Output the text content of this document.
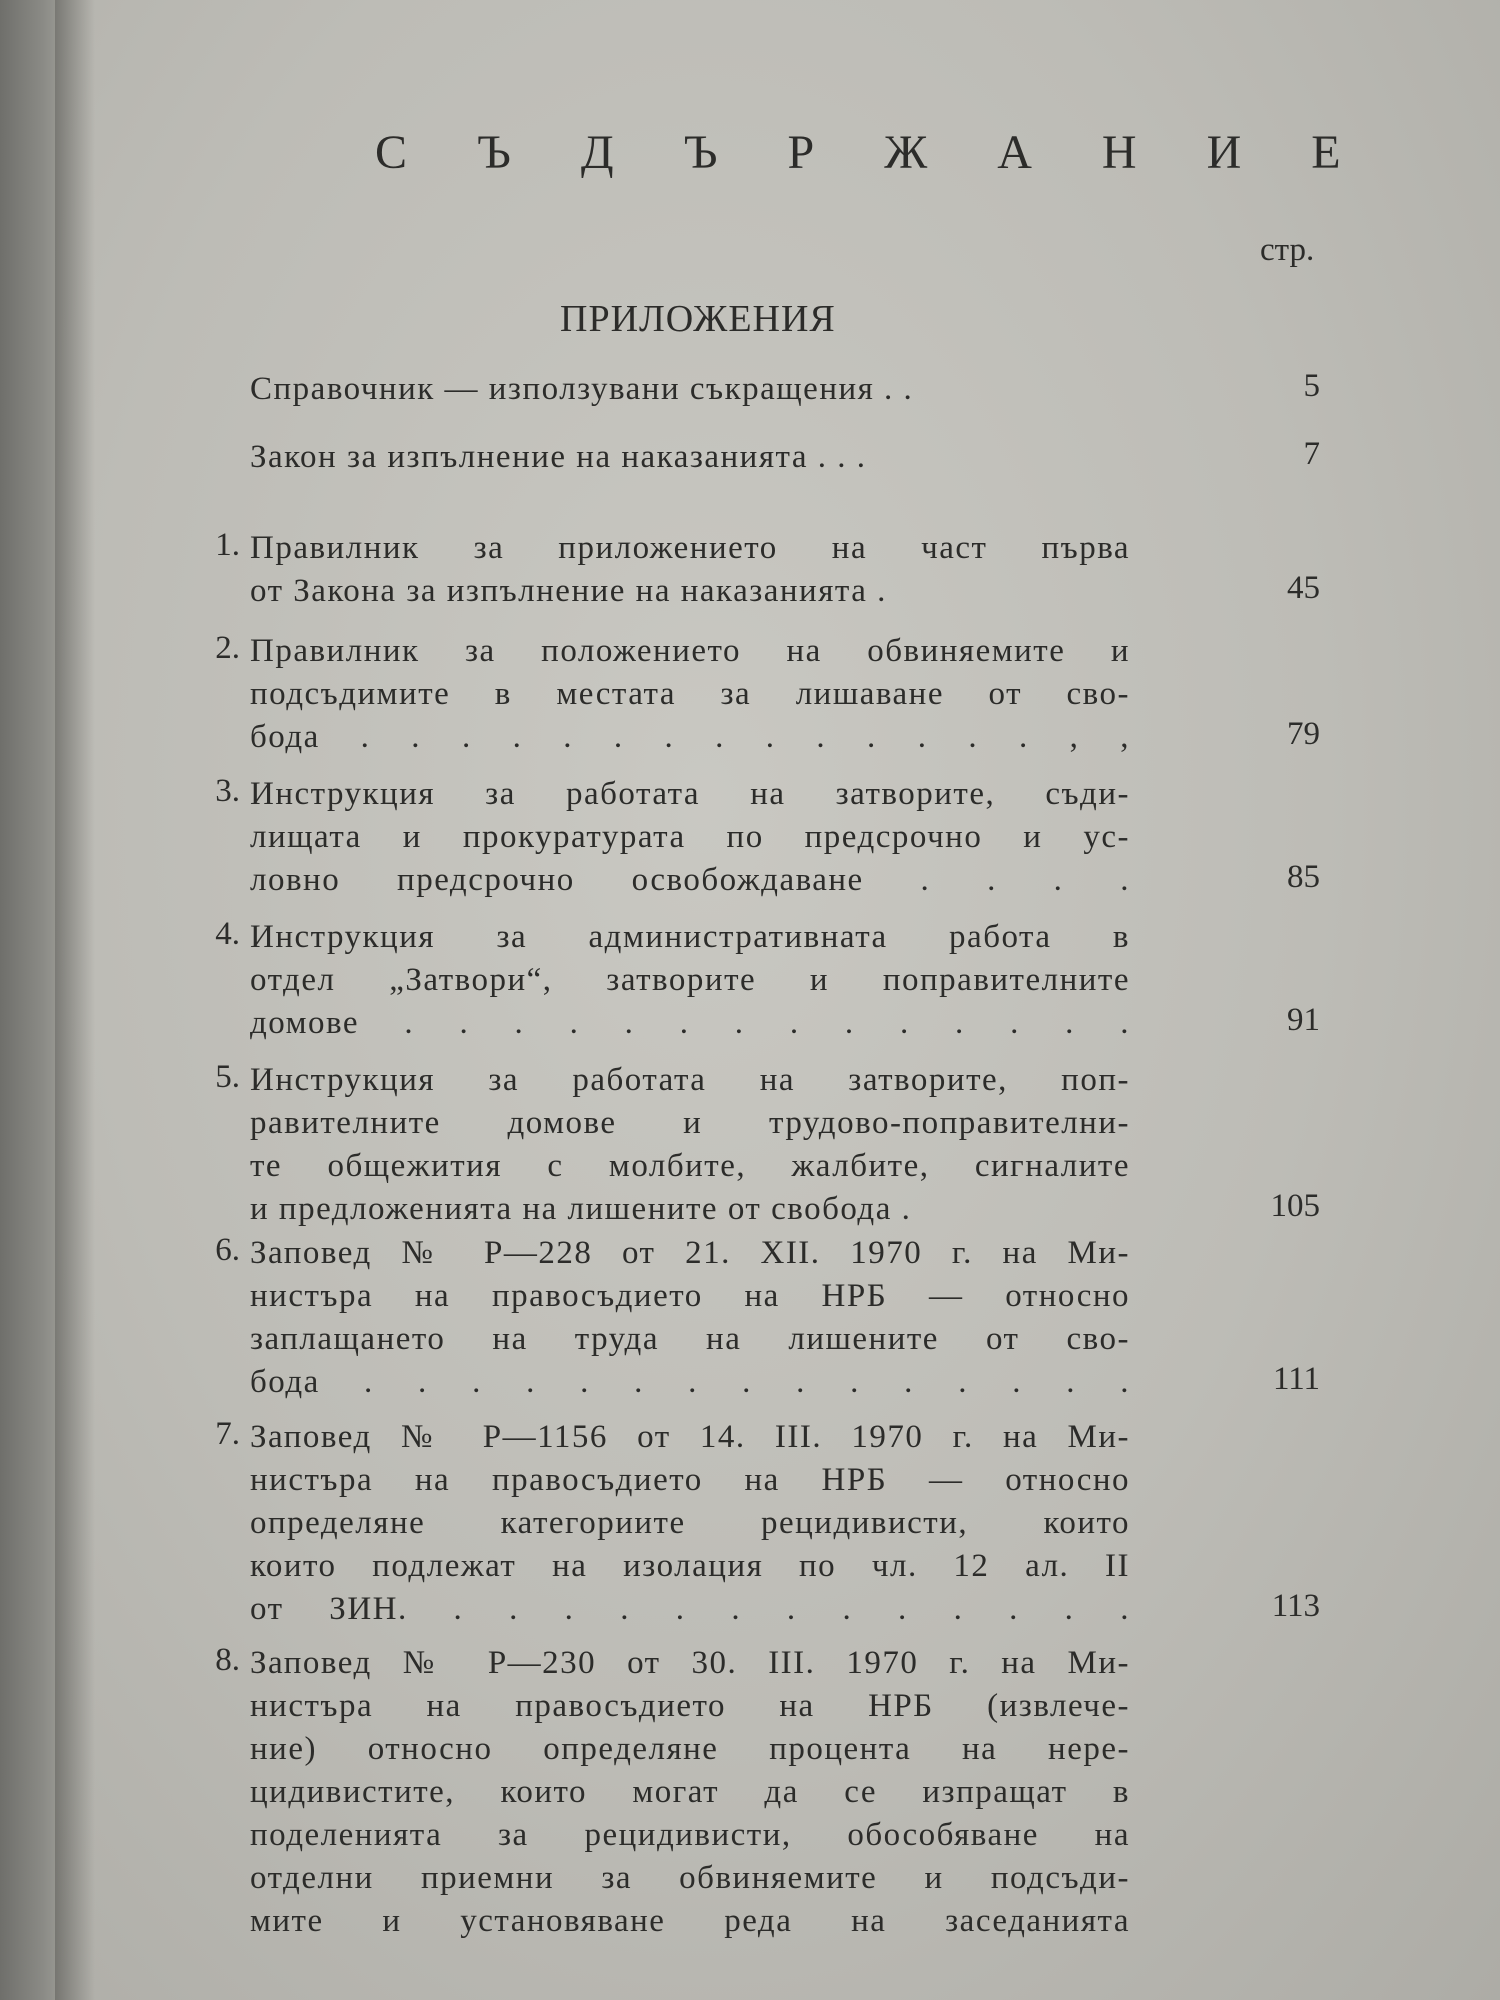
С Ъ Д Ъ Р Ж А Н И Е
стр.
ПРИЛОЖЕНИЯ
Справочник — използувани съкращения . .	5
Закон за изпълнение на наказанията . . .	7
1. Правилник за приложението на част първа
от Закона за изпълнение на наказанията .	45
2. Правилник за положението на обвиняемите и
подсъдимите в местата за лишаване от сво-
бода . . . . . . . . . . . . . . , ,	79
3. Инструкция за работата на затворите, съди-
лищата и прокуратурата по предсрочно и ус-
ловно предсрочно освобождаване . . . .	85
4. Инструкция за административната работа в
отдел „Затвори“, затворите и поправителните
домове . . . . . . . . . . . . . .	91
5. Инструкция за работата на затворите, поп-
равителните домове и трудово-поправителни-
те общежития с молбите, жалбите, сигналите
и предложенията на лишените от свобода .	105
6. Заповед № Р—228 от 21. XII. 1970 г. на Ми-
нистъра на правосъдието на НРБ — относно
заплащането на труда на лишените от сво-
бода . . . . . . . . . . . . . . .	111
7. Заповед № Р—1156 от 14. III. 1970 г. на Ми-
нистъра на правосъдието на НРБ — относно
определяне категориите рецидивисти, които
които подлежат на изолация по чл. 12 ал. II
от ЗИН. . . . . . . . . . . . . .	113
8. Заповед № Р—230 от 30. III. 1970 г. на Ми-
нистъра на правосъдието на НРБ (извлече-
ние) относно определяне процента на нере-
цидивистите, които могат да се изпращат в
поделенията за рецидивисти, обособяване на
отделни приемни за обвиняемите и подсъди-
мите и установяване реда на заседанията
